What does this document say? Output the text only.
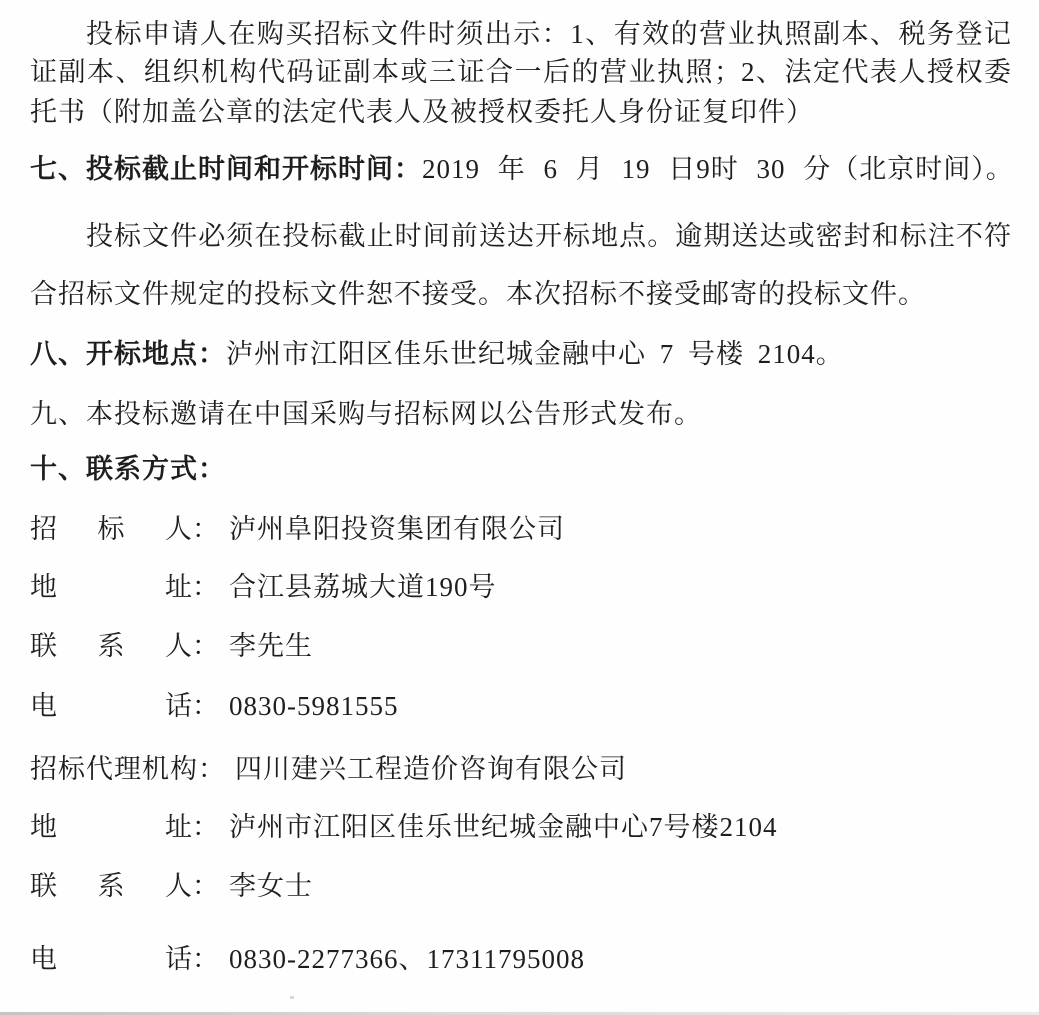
投标申请人在购买招标文件时须出示：1、有效的营业执照副本、税务登记
证副本、组织机构代码证副本或三证合一后的营业执照；2、法定代表人授权委
托书（附加盖公章的法定代表人及被授权委托人身份证复印件）
七、投标截止时间和开标时间：2019 年 6 月 19 日9时 30 分（北京时间）。
投标文件必须在投标截止时间前送达开标地点。逾期送达或密封和标注不符
合招标文件规定的投标文件恕不接受。本次招标不接受邮寄的投标文件。
八、开标地点：泸州市江阳区佳乐世纪城金融中心 7 号楼 2104。
九、本投标邀请在中国采购与招标网以公告形式发布。
十、联系方式：
招标人： 泸州阜阳投资集团有限公司
地址： 合江县荔城大道190号
联系人： 李先生
电话： 0830-5981555
招标代理机构： 四川建兴工程造价咨询有限公司
地址： 泸州市江阳区佳乐世纪城金融中心7号楼2104
联系人： 李女士
电话： 0830-2277366、17311795008
